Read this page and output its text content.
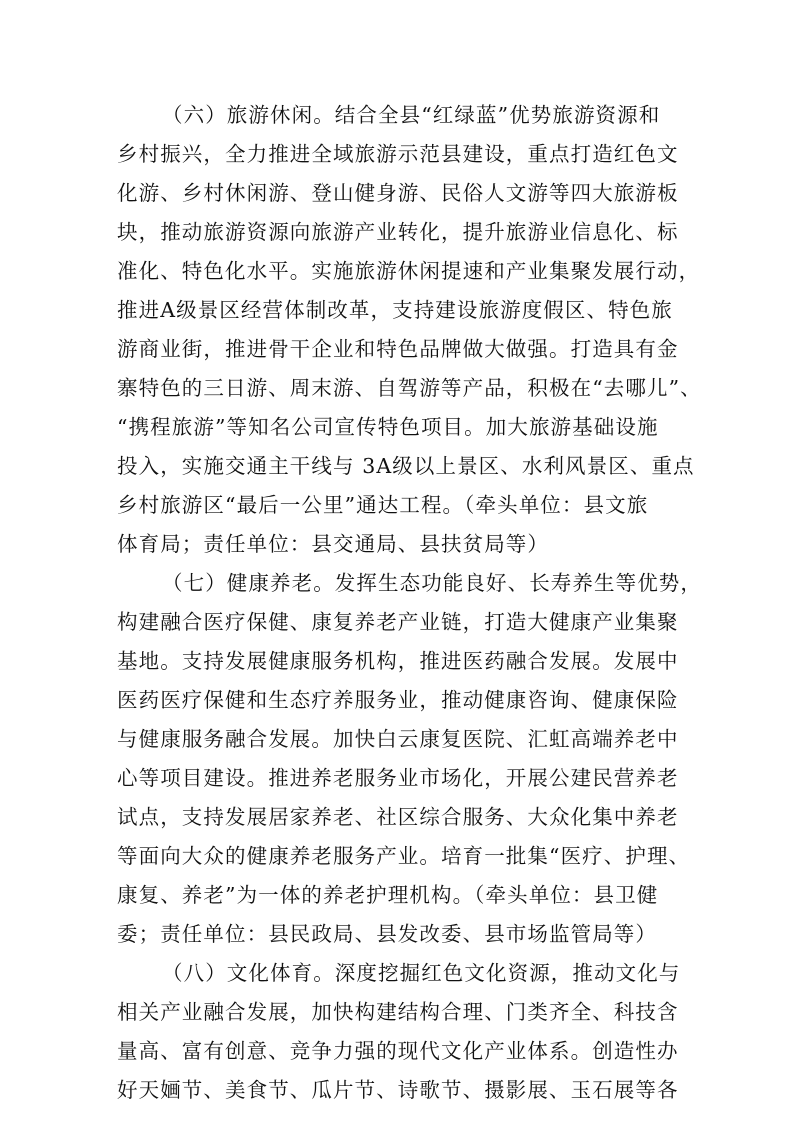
（六）旅游休闲。结合全县“红绿蓝”优势旅游资源和
乡村振兴，全力推进全域旅游示范县建设，重点打造红色文
化游、乡村休闲游、登山健身游、民俗人文游等四大旅游板
块，推动旅游资源向旅游产业转化，提升旅游业信息化、标
准化、特色化水平。实施旅游休闲提速和产业集聚发展行动，
推进A级景区经营体制改革，支持建设旅游度假区、特色旅
游商业街，推进骨干企业和特色品牌做大做强。打造具有金
寨特色的三日游、周末游、自驾游等产品，积极在“去哪儿”、
“携程旅游”等知名公司宣传特色项目。加大旅游基础设施
投入，实施交通主干线与 3A级以上景区、水利风景区、重点
乡村旅游区“最后一公里”通达工程。（牵头单位：县文旅
体育局；责任单位：县交通局、县扶贫局等）
（七）健康养老。发挥生态功能良好、长寿养生等优势，
构建融合医疗保健、康复养老产业链，打造大健康产业集聚
基地。支持发展健康服务机构，推进医药融合发展。发展中
医药医疗保健和生态疗养服务业，推动健康咨询、健康保险
与健康服务融合发展。加快白云康复医院、汇虹高端养老中
心等项目建设。推进养老服务业市场化，开展公建民营养老
试点，支持发展居家养老、社区综合服务、大众化集中养老
等面向大众的健康养老服务产业。培育一批集“医疗、护理、
康复、养老”为一体的养老护理机构。（牵头单位：县卫健
委；责任单位：县民政局、县发改委、县市场监管局等）
（八）文化体育。深度挖掘红色文化资源，推动文化与
相关产业融合发展，加快构建结构合理、门类齐全、科技含
量高、富有创意、竞争力强的现代文化产业体系。创造性办
好天婳节、美食节、瓜片节、诗歌节、摄影展、玉石展等各
